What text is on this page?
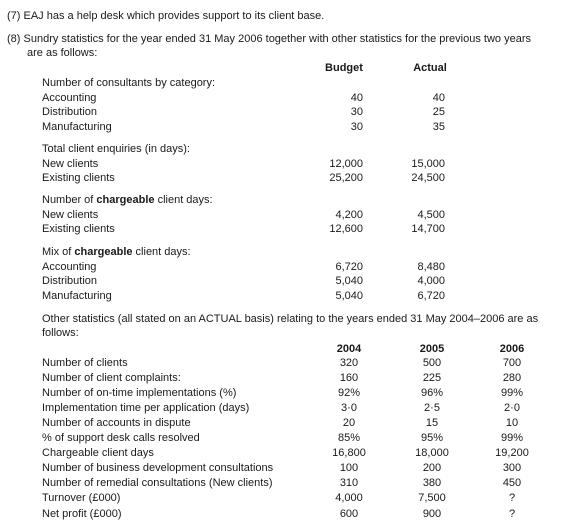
(7) EAJ has a help desk which provides support to its client base.
(8) Sundry statistics for the year ended 31 May 2006 together with other statistics for the previous two years
are as follows:
Budget	Actual
Number of consultants by category:
Accounting	40	40
Distribution	30	25
Manufacturing	30	35
Total client enquiries (in days):
New clients	12,000	15,000
Existing clients	25,200	24,500
Number of chargeable client days:
New clients	4,200	4,500
Existing clients	12,600	14,700
Mix of chargeable client days:
Accounting	6,720	8,480
Distribution	5,040	4,000
Manufacturing	5,040	6,720
Other statistics (all stated on an ACTUAL basis) relating to the years ended 31 May 2004–2006 are as
follows:
2004	2005	2006
Number of clients	320	500	700
Number of client complaints:	160	225	280
Number of on-time implementations (%)	92%	96%	99%
Implementation time per application (days)	3·0	2·5	2·0
Number of accounts in dispute	20	15	10
% of support desk calls resolved	85%	95%	99%
Chargeable client days	16,800	18,000	19,200
Number of business development consultations	100	200	300
Number of remedial consultations (New clients)	310	380	450
Turnover (£000)	4,000	7,500	?
Net profit (£000)	600	900	?
